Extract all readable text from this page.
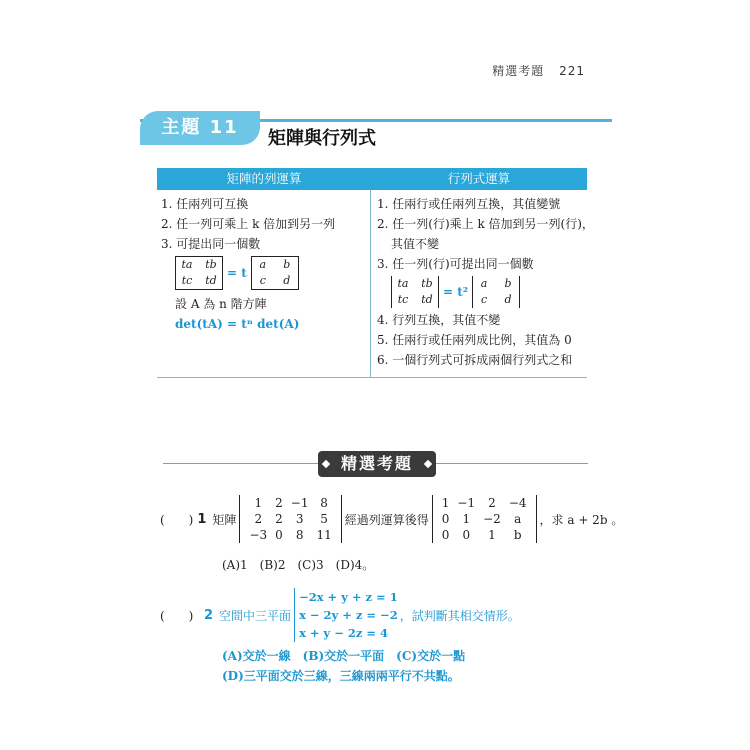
精選考題 221
主題 11
矩陣與行列式
矩陣的列運算	行列式運算
1. 任兩列可互換
2. 任一列可乘上 k 倍加到另一列
3. 可提出同一個數
ta tb
tc td
= t
a	b
c	d
設 A 為 n 階方陣
det(tA) = tⁿ det(A)
1. 任兩行或任兩列互換，其值變號
2. 任一列(行)乘上 k 倍加到另一列(行)，
其值不變
3. 任一列(行)可提出同一個數
ta tb
tc td
= t²
a	b
c	d
4. 行列互換，其值不變
5. 任兩行或任兩列成比例，其值為 0
6. 一個行列式可拆成兩個行列式之和
精選考題
(　　) 1 矩陣
1	2	−1	8
2	2	3	5
−3	0	8	11
經過列運算後得
1	−1	2	−4
0	1	−2	a
0	0	1	b
，求 a + 2b 。
(A)1　(B)2　(C)3　(D)4。
(　　) 2 空間中三平面
−2x + y + z = 1
x − 2y + z = −2
x + y − 2z = 4
，試判斷其相交情形。
(A)交於一線　(B)交於一平面　(C)交於一點
(D)三平面交於三線，三線兩兩平行不共點。
